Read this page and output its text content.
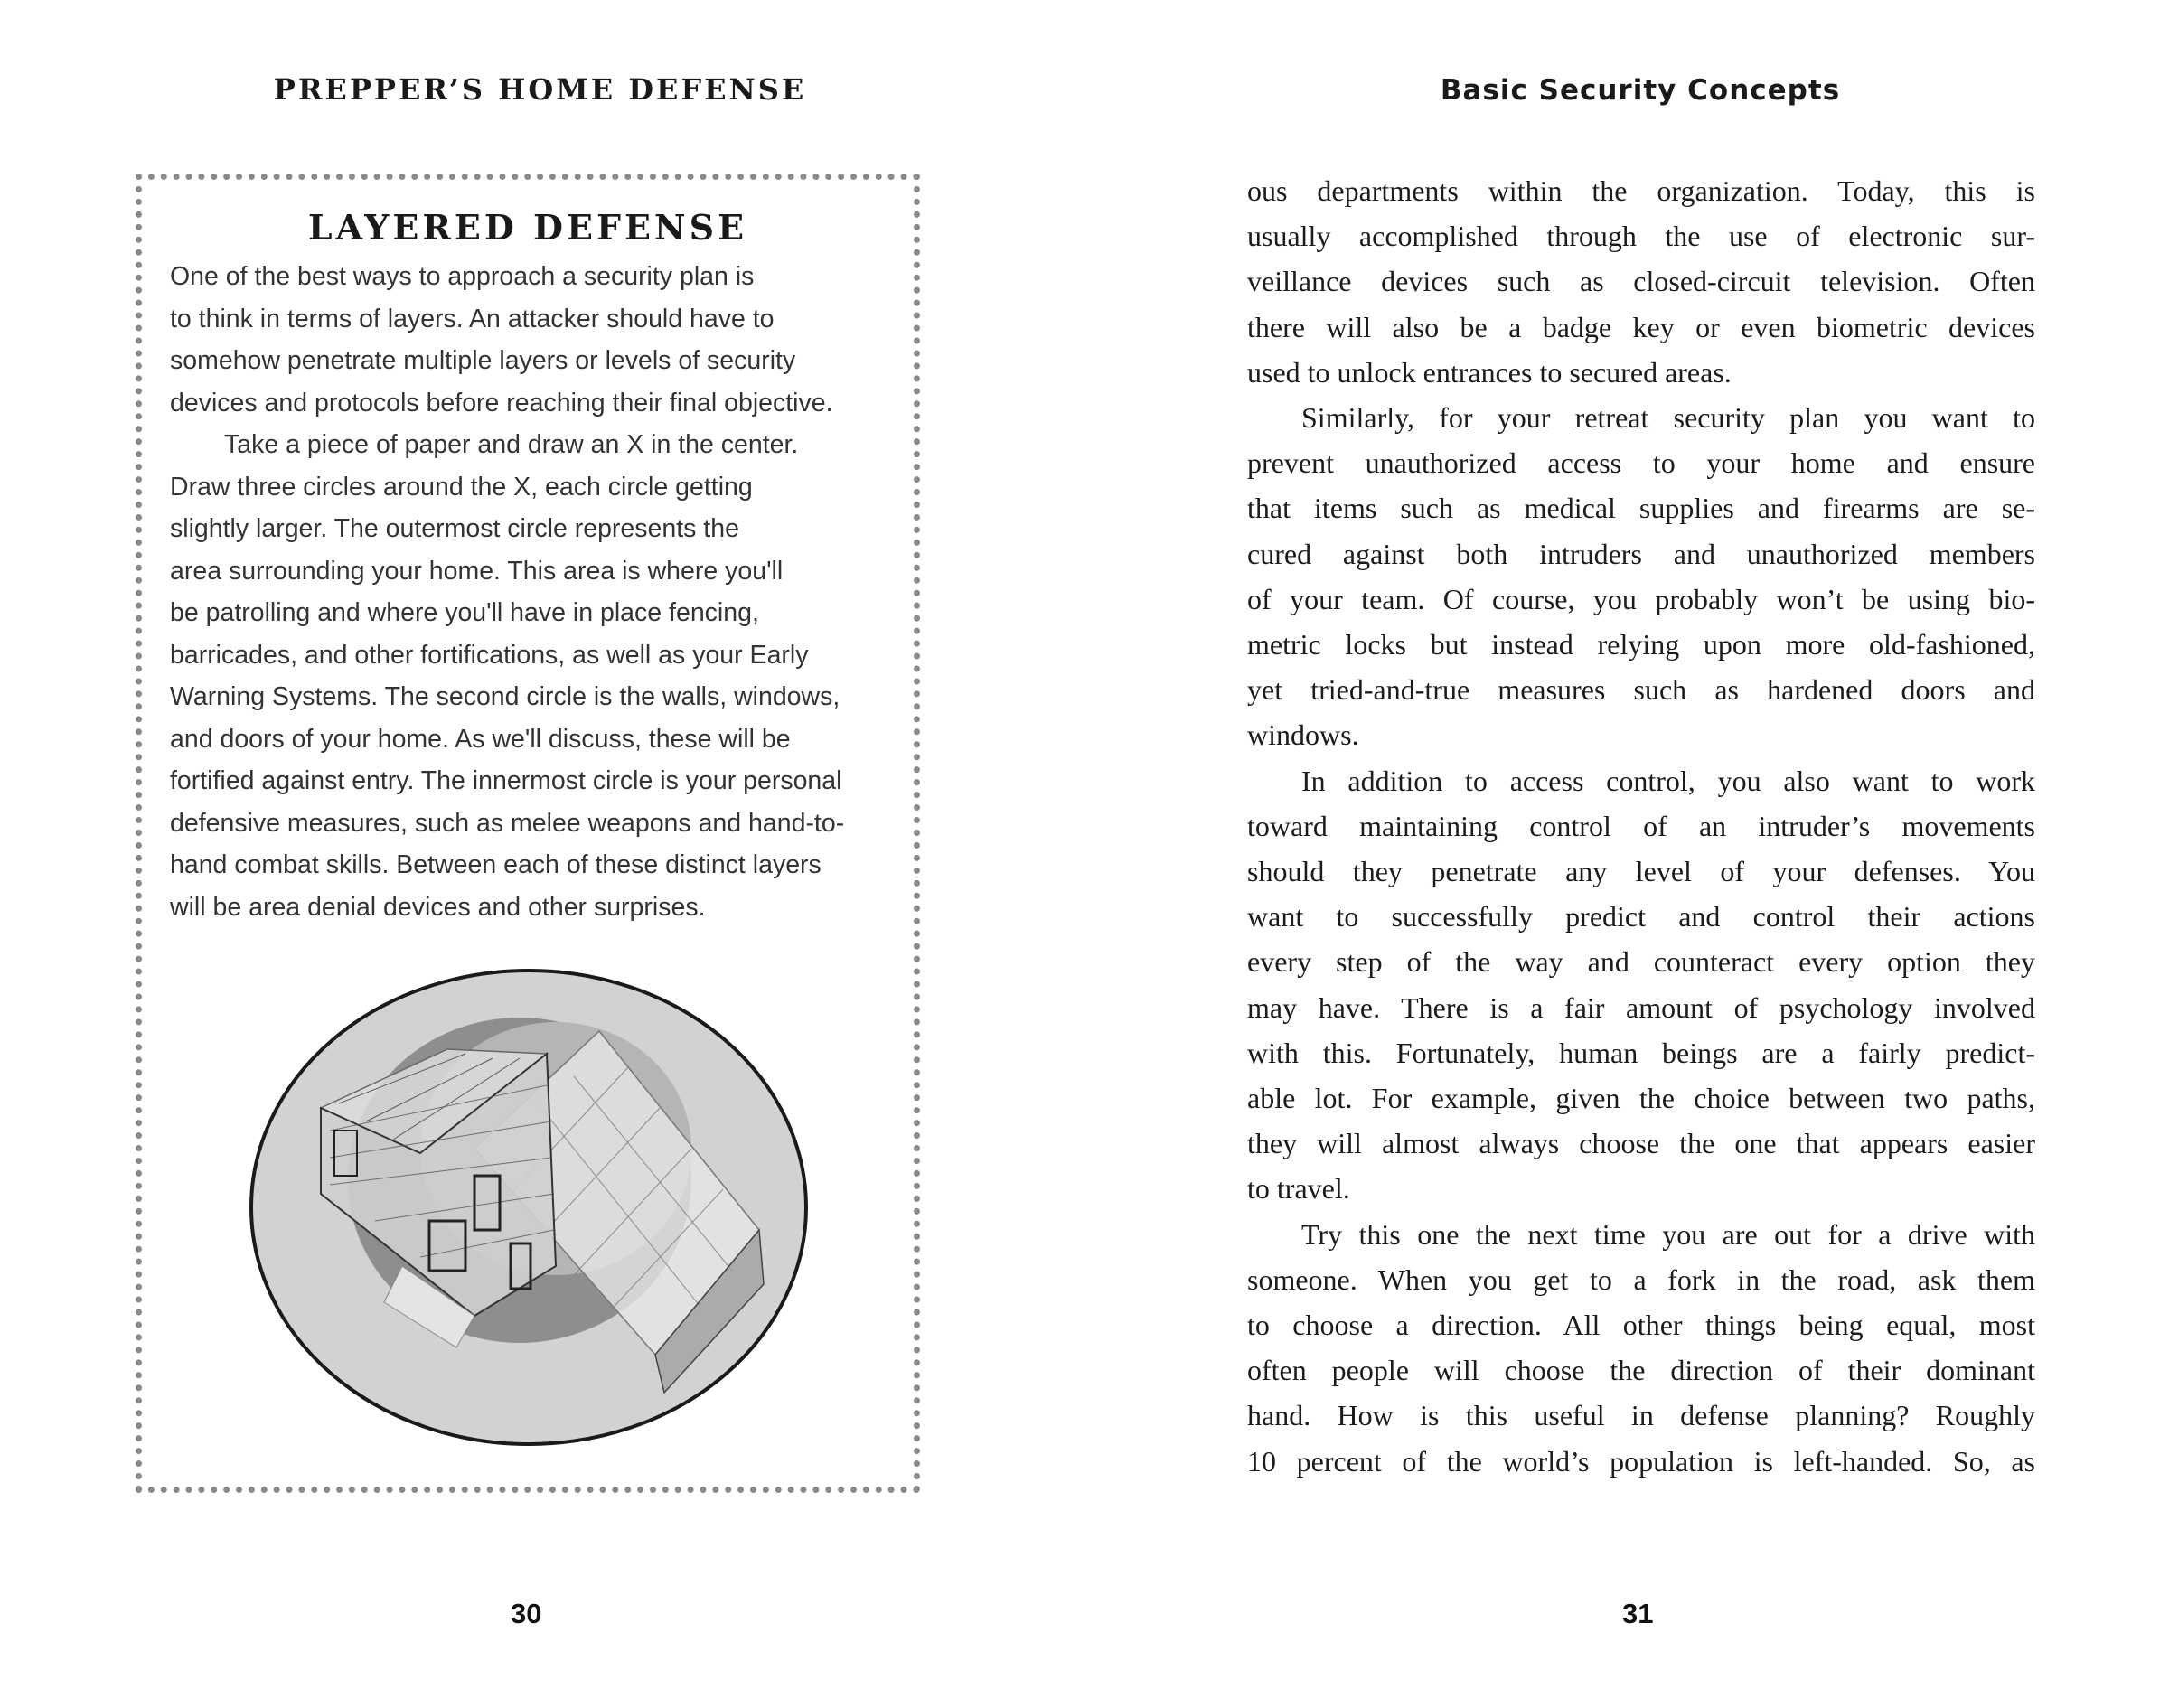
PREPPER’S HOME DEFENSE
LAYERED DEFENSE

One of the best ways to approach a security plan is

to think in terms of layers. An attacker should have to

somehow penetrate multiple layers or levels of security

devices and protocols before reaching their final objective.

Take a piece of paper and draw an X in the center.

Draw three circles around the X, each circle getting

slightly larger. The outermost circle represents the

area surrounding your home. This area is where you'll

be patrolling and where you'll have in place fencing,

barricades, and other fortifications, as well as your Early

Warning Systems. The second circle is the walls, windows,

and doors of your home. As we'll discuss, these will be

fortified against entry. The innermost circle is your personal

defensive measures, such as melee weapons and hand-to-

hand combat skills. Between each of these distinct layers

will be area denial devices and other surprises.

30
Basic Security Concepts
ous departments within the organization. Today, this is
usually accomplished through the use of electronic sur-
veillance devices such as closed-circuit television. Often
there will also be a badge key or even biometric devices
used to unlock entrances to secured areas.
Similarly, for your retreat security plan you want to
prevent unauthorized access to your home and ensure
that items such as medical supplies and firearms are se-
cured against both intruders and unauthorized members
of your team. Of course, you probably won’t be using bio-
metric locks but instead relying upon more old-fashioned,
yet tried-and-true measures such as hardened doors and
windows.
In addition to access control, you also want to work
toward maintaining control of an intruder’s movements
should they penetrate any level of your defenses. You
want to successfully predict and control their actions
every step of the way and counteract every option they
may have. There is a fair amount of psychology involved
with this. Fortunately, human beings are a fairly predict-
able lot. For example, given the choice between two paths,
they will almost always choose the one that appears easier
to travel.
Try this one the next time you are out for a drive with
someone. When you get to a fork in the road, ask them
to choose a direction. All other things being equal, most
often people will choose the direction of their dominant
hand. How is this useful in defense planning? Roughly
10 percent of the world’s population is left-handed. So, as
31
